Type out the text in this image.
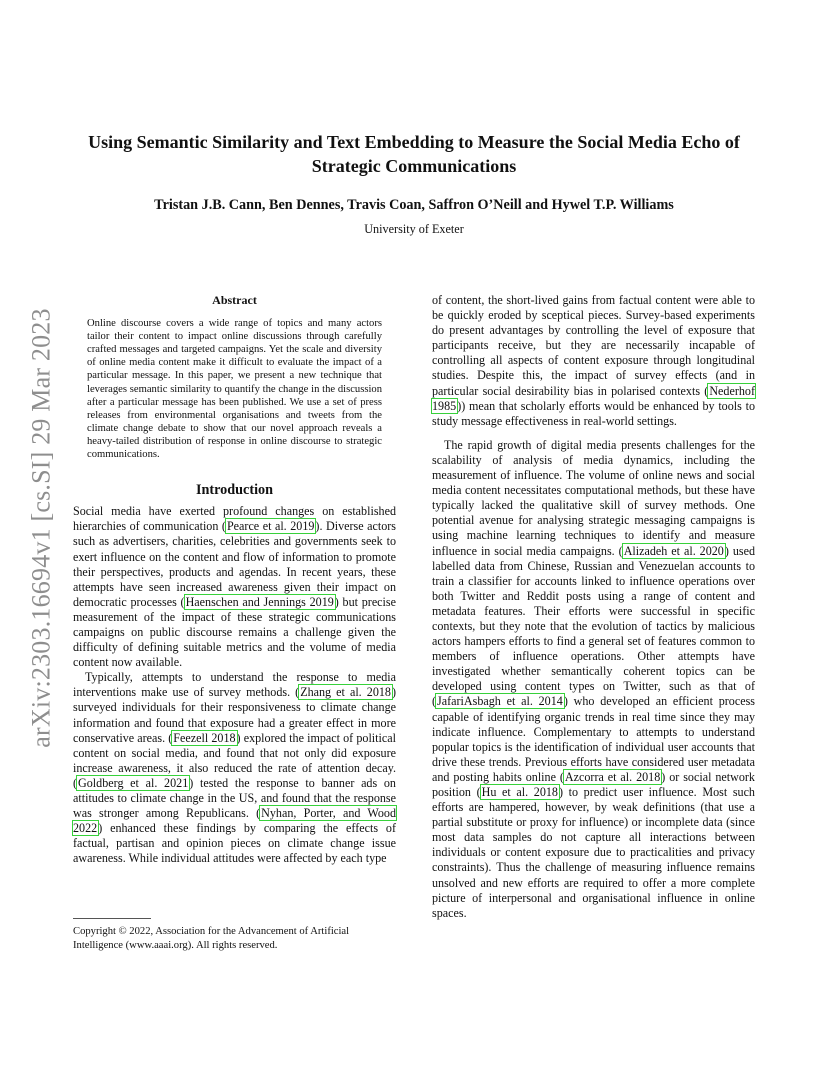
arXiv:2303.16694v1 [cs.SI] 29 Mar 2023
Using Semantic Similarity and Text Embedding to Measure the Social Media Echo of Strategic Communications
Tristan J.B. Cann, Ben Dennes, Travis Coan, Saffron O’Neill and Hywel T.P. Williams
University of Exeter
Abstract

Online discourse covers a wide range of topics and many actors tailor their content to impact online discussions through carefully crafted messages and targeted campaigns. Yet the scale and diversity of online media content make it difficult to evaluate the impact of a particular message. In this paper, we present a new technique that leverages semantic similarity to quantify the change in the discussion after a particular message has been published. We use a set of press releases from environmental organisations and tweets from the climate change debate to show that our novel approach reveals a heavy-tailed distribution of response in online discourse to strategic communications.

Introduction

Social media have exerted profound changes on established hierarchies of communication (Pearce et al. 2019). Diverse actors such as advertisers, charities, celebrities and governments seek to exert influence on the content and flow of information to promote their perspectives, products and agendas. In recent years, these attempts have seen increased awareness given their impact on democratic processes (Haenschen and Jennings 2019) but precise measurement of the impact of these strategic communications campaigns on public discourse remains a challenge given the difficulty of defining suitable metrics and the volume of media content now available.

Typically, attempts to understand the response to media interventions make use of survey methods. (Zhang et al. 2018) surveyed individuals for their responsiveness to climate change information and found that exposure had a greater effect in more conservative areas. (Feezell 2018) explored the impact of political content on social media, and found that not only did exposure increase awareness, it also reduced the rate of attention decay. (Goldberg et al. 2021) tested the response to banner ads on attitudes to climate change in the US, and found that the response was stronger among Republicans. (Nyhan, Porter, and Wood 2022) enhanced these findings by comparing the effects of factual, partisan and opinion pieces on climate change issue awareness. While individual attitudes were affected by each type

of content, the short-lived gains from factual content were able to be quickly eroded by sceptical pieces. Survey-based experiments do present advantages by controlling the level of exposure that participants receive, but they are necessarily incapable of controlling all aspects of content exposure through longitudinal studies. Despite this, the impact of survey effects (and in particular social desirability bias in polarised contexts (Nederhof 1985)) mean that scholarly efforts would be enhanced by tools to study message effectiveness in real-world settings.

The rapid growth of digital media presents challenges for the scalability of analysis of media dynamics, including the measurement of influence. The volume of online news and social media content necessitates computational methods, but these have typically lacked the qualitative skill of survey methods. One potential avenue for analysing strategic messaging campaigns is using machine learning techniques to identify and measure influence in social media campaigns. (Alizadeh et al. 2020) used labelled data from Chinese, Russian and Venezuelan accounts to train a classifier for accounts linked to influence operations over both Twitter and Reddit posts using a range of content and metadata features. Their efforts were successful in specific contexts, but they note that the evolution of tactics by malicious actors hampers efforts to find a general set of features common to members of influence operations. Other attempts have investigated whether semantically coherent topics can be developed using content types on Twitter, such as that of (JafariAsbagh et al. 2014) who developed an efficient process capable of identifying organic trends in real time since they may indicate influence. Complementary to attempts to understand popular topics is the identification of individual user accounts that drive these trends. Previous efforts have considered user metadata and posting habits online (Azcorra et al. 2018) or social network position (Hu et al. 2018) to predict user influence. Most such efforts are hampered, however, by weak definitions (that use a partial substitute or proxy for influence) or incomplete data (since most data samples do not capture all interactions between individuals or content exposure due to practicalities and privacy constraints). Thus the challenge of measuring influence remains unsolved and new efforts are required to offer a more complete picture of interpersonal and organisational influence in online spaces.

Copyright © 2022, Association for the Advancement of Artificial Intelligence (www.aaai.org). All rights reserved.
